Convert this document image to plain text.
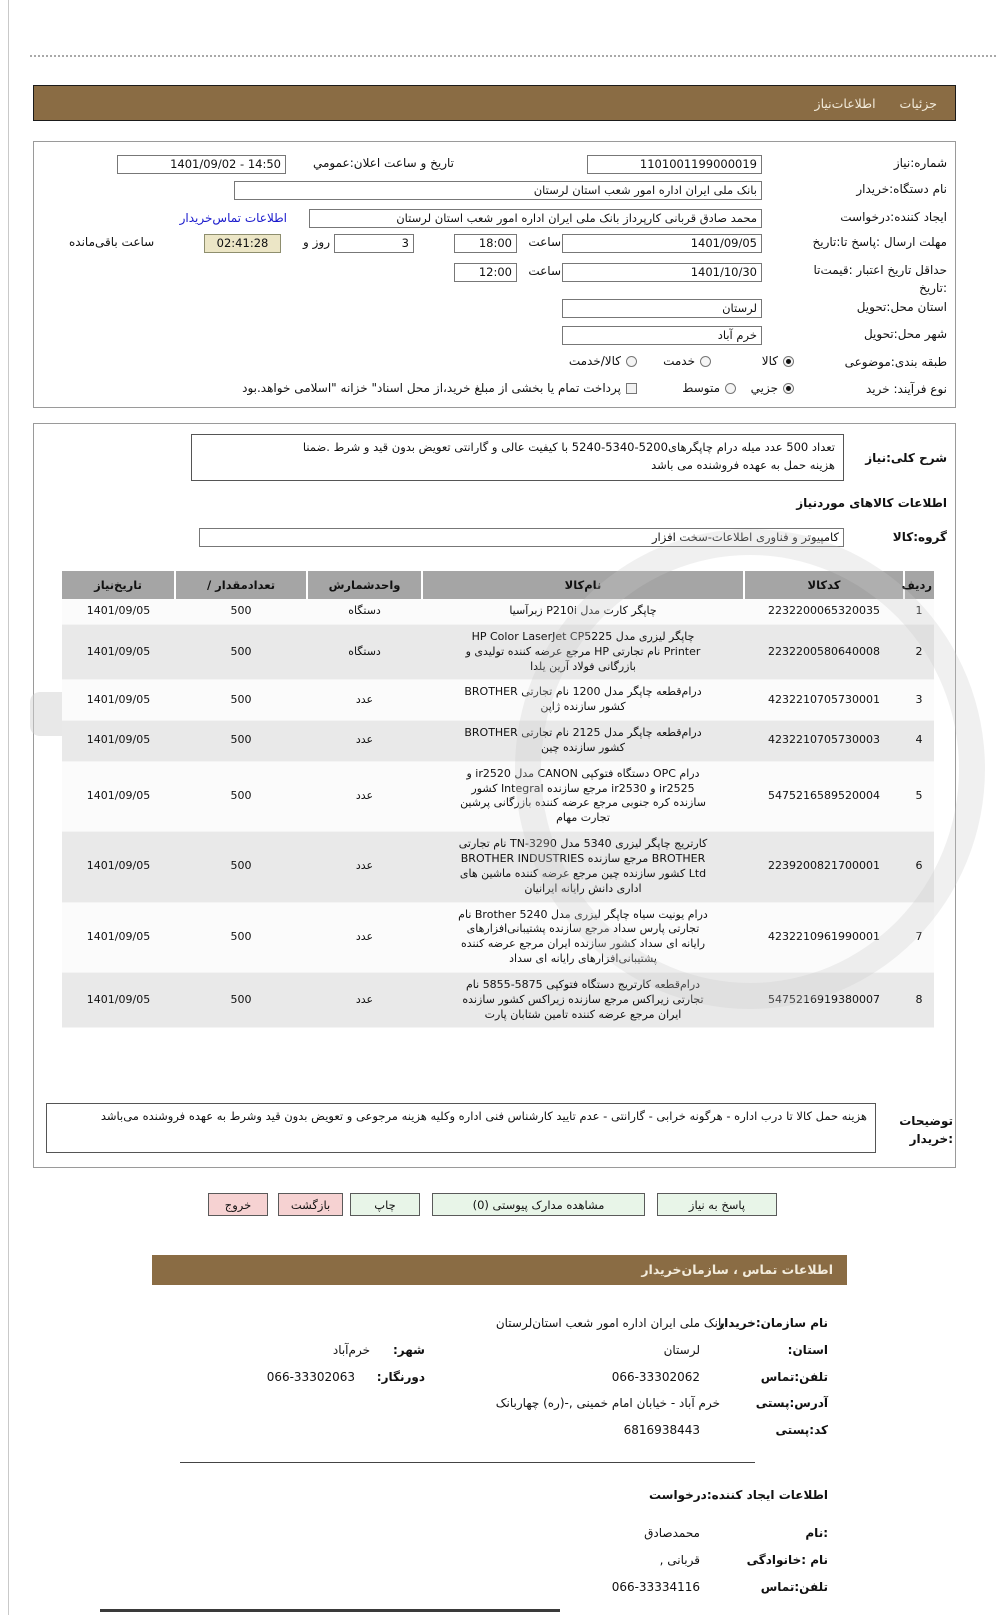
جزئیات
اطلاعات‌نیاز
شماره:نیاز
1101001199000019
تاریخ و ساعت اعلان:عمومي
14:50 - 1401/09/02
نام دستگاه:خریدار
بانک ملی ایران اداره امور شعب استان لرستان
ایجاد کننده:درخواست
محمد صادق قربانی کارپرداز بانک ملی ایران اداره امور شعب استان لرستان
اطلاعات تماس‌خریدار
مهلت ارسال :پاسخ تا:تاریخ
1401/09/05
ساعت
18:00
3
روز و
02:41:28
ساعت باقی‌مانده
حداقل تاریخ اعتبار :قیمت‌تا
:تاریخ
1401/10/30
ساعت
12:00
استان محل:تحویل
لرستان
شهر محل:تحویل
خرم آباد
طبقه بندی:موضوعی
کالا
خدمت
کالا/خدمت
نوع فرآیند: خرید
جزیي
متوسط
پرداخت تمام یا بخشی از مبلغ خرید،از محل اسناد" خزانه "اسلامی خواهد.بود
شرح کلی:نیاز
تعداد 500 عدد میله درام چاپگرهای5200-5340-5240 با کیفیت عالی و گارانتی تعویض بدون قید و شرط .ضمنا
هزینه حمل به عهده فروشنده می باشد
اطلاعات کالاهای موردنیاز
گروه:کالا
کامپیوتر و فناوری اطلاعات-سخت افزار
ردیف	کدکالا	نام‌کالا	واحدشمارش	تعدادمقدار /	تاریخ‌نیاز
1	2232200065320035	چاپگر کارت مدل P210i زبرآسیا	دستگاه	500	1401/09/05
2	2232200580640008	چاپگر لیزری مدل HP Color LaserJet CP5225 Printer نام تجارتی HP مرجع عرضه کننده تولیدی و بازرگانی فولاد آرین یلدا	دستگاه	500	1401/09/05
3	4232210705730001	درام‌قطعه چاپگر مدل 1200 نام تجارتی BROTHER کشور سازنده ژاپن	عدد	500	1401/09/05
4	4232210705730003	درام‌قطعه چاپگر مدل 2125 نام تجارتی BROTHER کشور سازنده چین	عدد	500	1401/09/05
5	5475216589520004	درام OPC دستگاه فتوکپی CANON مدل ir2520 و ir2525 و ir2530 مرجع سازنده Integral کشور سازنده کره جنوبی مرجع عرضه کننده بازرگانی پرشین تجارت مهام	عدد	500	1401/09/05
6	2239200821700001	کارتریج چاپگر لیزری 5340 مدل TN-3290 نام تجارتی BROTHER مرجع سازنده BROTHER INDUSTRIES Ltd کشور سازنده چین مرجع عرضه کننده ماشین های اداری دانش رایانه ایرانیان	عدد	500	1401/09/05
7	4232210961990001	درام یونیت سیاه چاپگر لیزری مدل Brother 5240 نام تجارتی پارس سداد مرجع سازنده پشتیبانی‌افزارهای رایانه ای سداد کشور سازنده ایران مرجع عرضه کننده پشتیبانی‌افزارهای رایانه ای سداد	عدد	500	1401/09/05
8	5475216919380007	درام‌قطعه کارتریج دستگاه فتوکپی 5875-5855 نام تجارتی زیراکس مرجع سازنده زیراکس کشور سازنده ایران مرجع عرضه کننده تامین شتابان پارت	عدد	500	1401/09/05
توضیحات
:خریدار
هزینه حمل کالا تا درب اداره - هرگونه خرابی - گارانتی - عدم تایید کارشناس فنی اداره وکلیه هزینه مرجوعی و تعویض بدون قید وشرط به عهده فروشنده می‌باشد
پاسخ به نیاز
مشاهده مدارک پیوستی (0)
چاپ
بازگشت
خروج
اطلاعات تماس ، سازمان‌خریدار
نام سازمان:خریدار
بانک ملی ایران اداره امور شعب استان‌لرستان
استان:
لرستان
شهر:
خرم‌آباد
تلفن:تماس
066-33302062
دورنگار:
066-33302063
آدرس:پستی
خرم آباد - خیابان امام خمینی ,-(ره) چهاربانک
کد:پستی
6816938443
اطلاعات ایجاد کننده:درخواست
:نام
محمدصادق
نام :خانوادگی
قربانی ,
تلفن:تماس
066-33334116
